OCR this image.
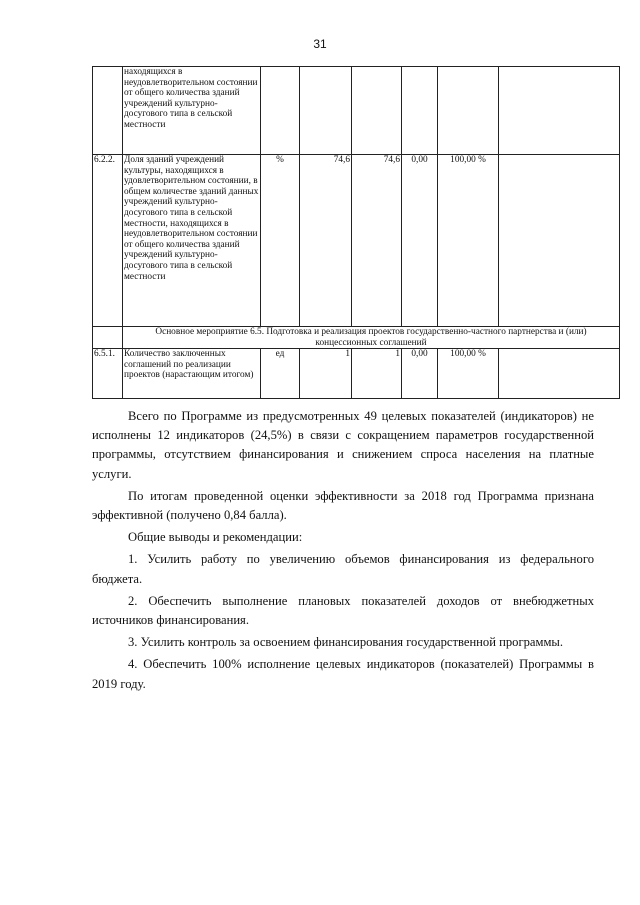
31
	находящихся в неудовлетворительном состоянии от общего количества зданий учреждений культурно-досугового типа в сельской местности						
6.2.2.	Доля зданий учреждений культуры, находящихся в удовлетворительном состоянии, в общем количестве зданий данных учреждений культурно-досугового типа в сельской местности, находящихся в неудовлетворительном состоянии от общего количества зданий учреждений культурно-досугового типа в сельской местности	%	74,6	74,6	0,00	100,00 %	
	Основное мероприятие 6.5. Подготовка и реализация проектов государственно-частного партнерства и (или) концессионных соглашений						
6.5.1.	Количество заключенных соглашений по реализации проектов (нарастающим итогом)	ед	1	1	0,00	100,00 %	

Всего по Программе из предусмотренных 49 целевых показателей (индикаторов) не исполнены 12 индикаторов (24,5%) в связи с сокращением параметров государственной программы, отсутствием финансирования и снижением спроса населения на платные услуги.

По итогам проведенной оценки эффективности за 2018 год Программа признана эффективной (получено 0,84 балла).

Общие выводы и рекомендации:

1. Усилить работу по увеличению объемов финансирования из федерального бюджета.

2. Обеспечить выполнение плановых показателей доходов от внебюджетных источников финансирования.

3. Усилить контроль за освоением финансирования государственной программы.

4. Обеспечить 100% исполнение целевых индикаторов (показателей) Программы в 2019 году.
